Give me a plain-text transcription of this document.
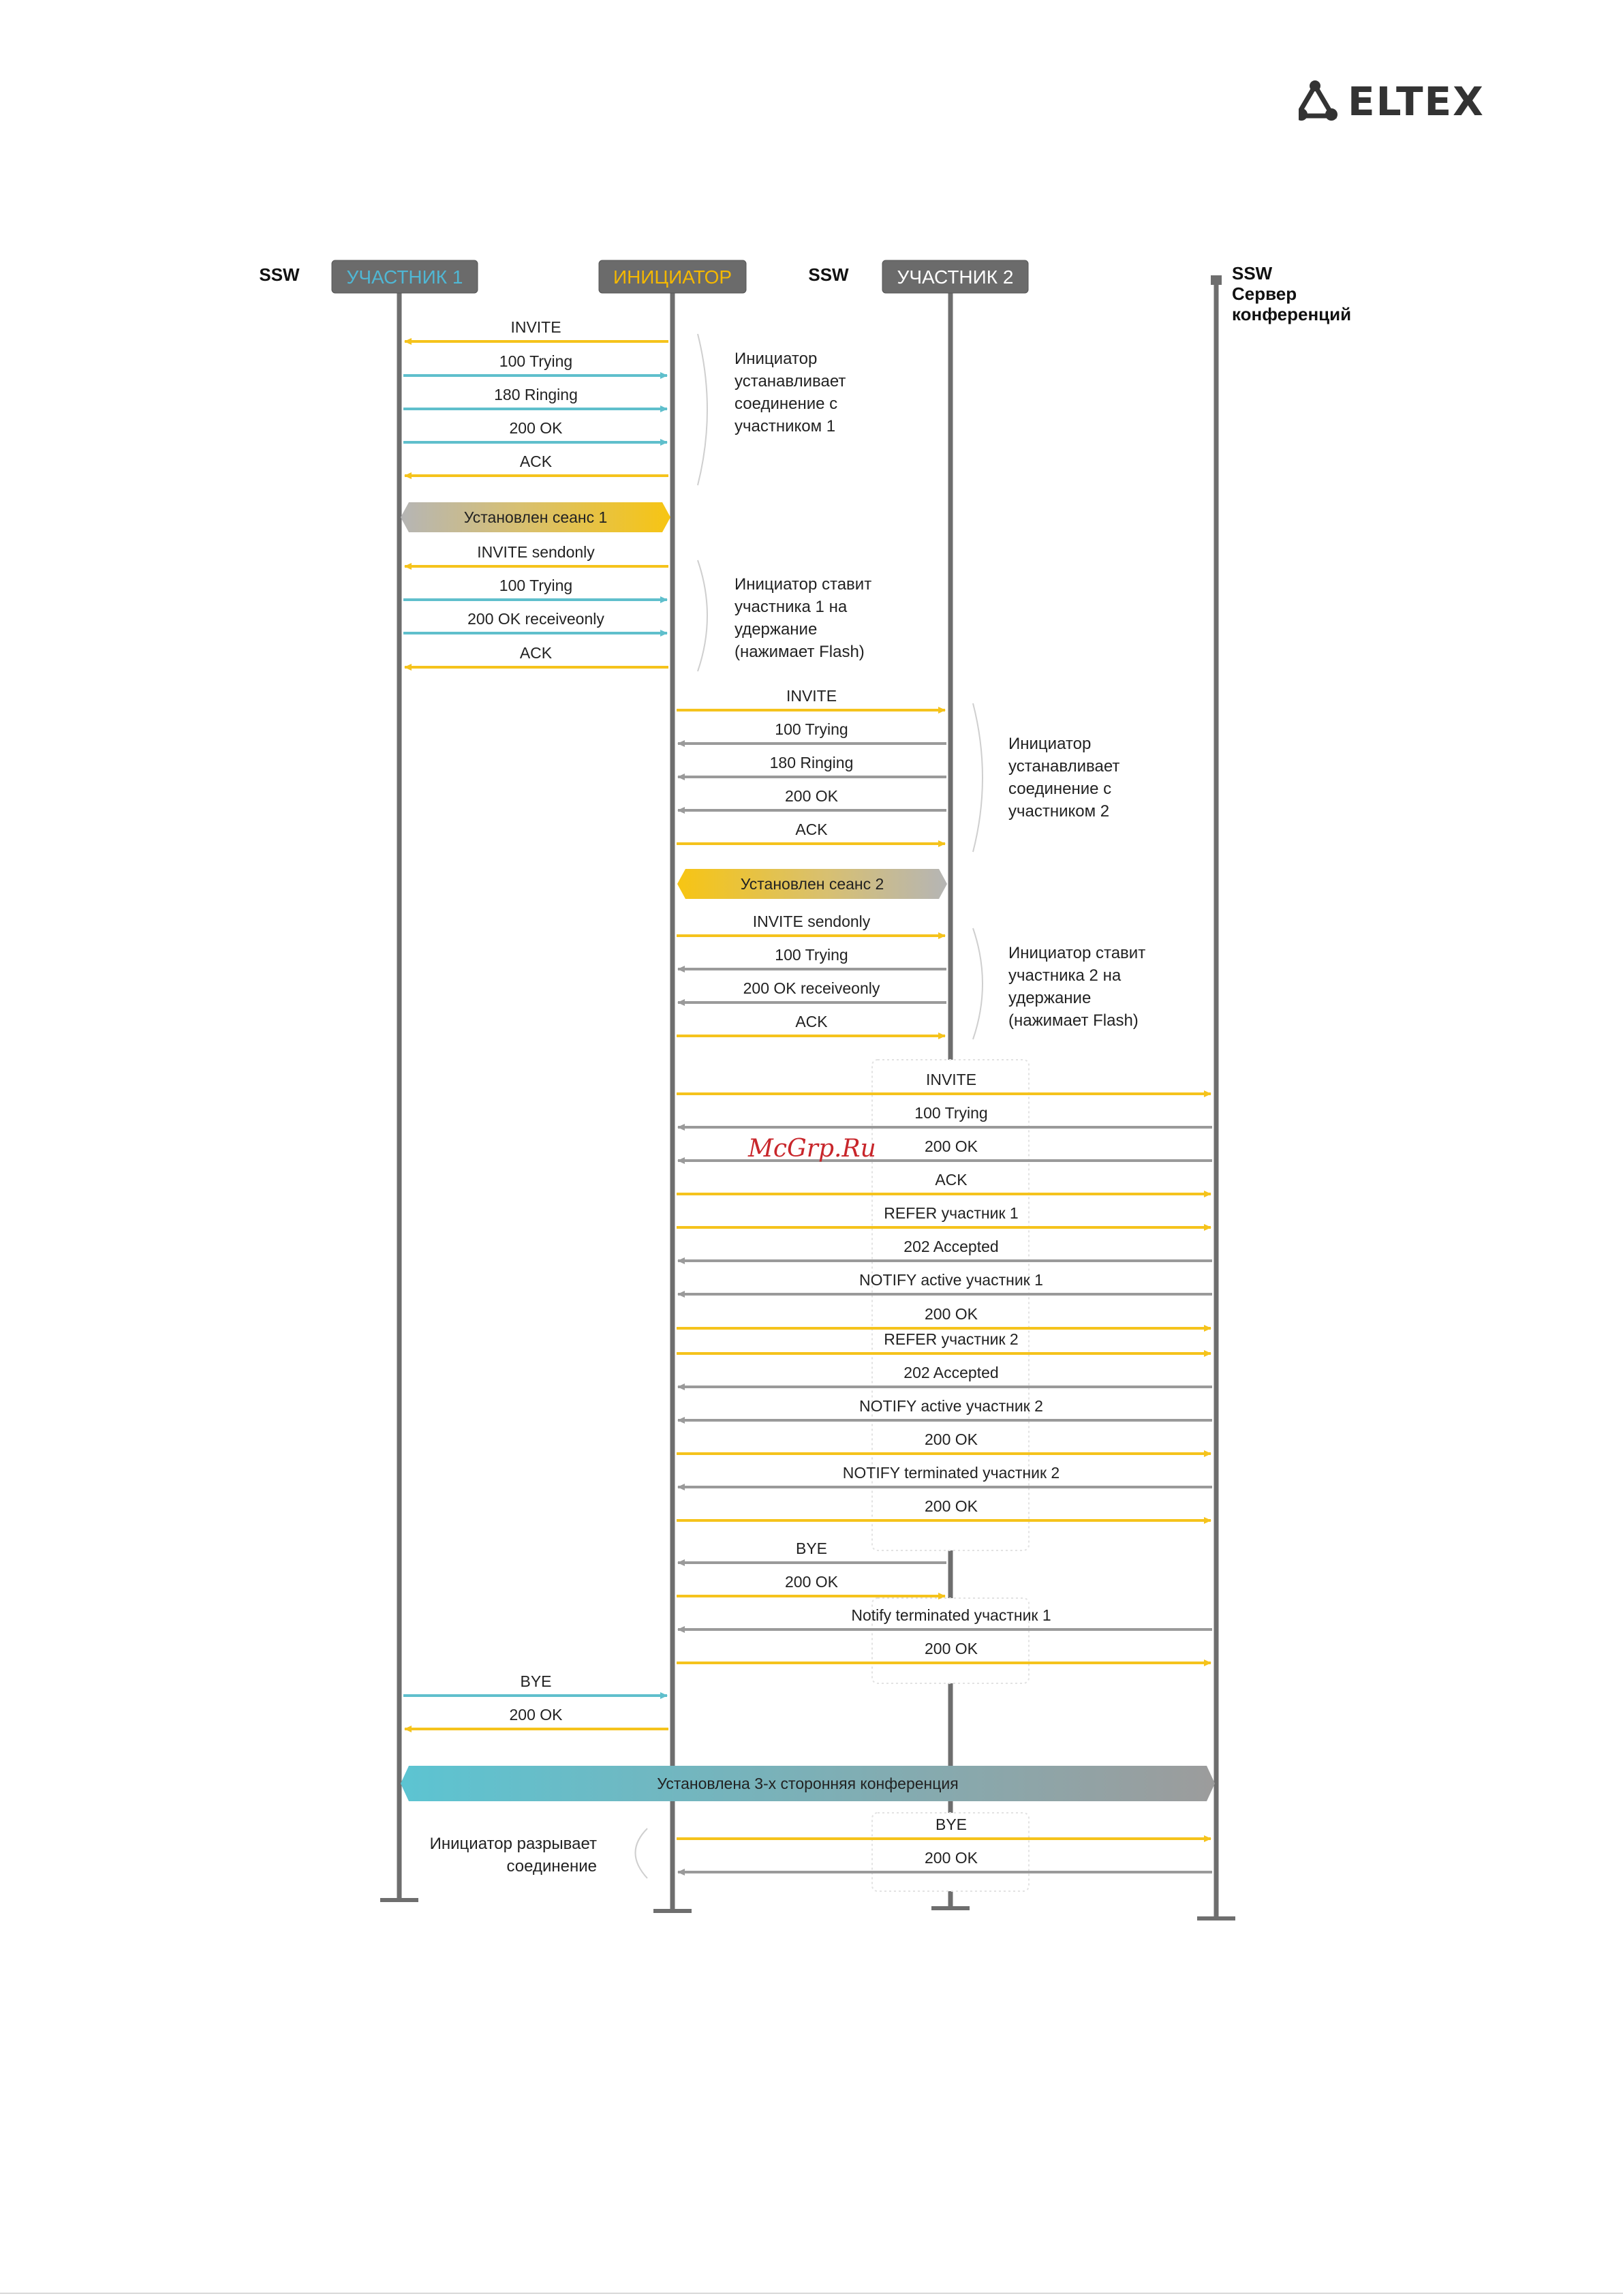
УЧАСТНИК 1	ИНИЦИАТОР	УЧАСТНИК 2
SSW	SSW	SSW
Сервер
конференций
INVITE
100 Trying
180 Ringing
200 OK
ACK
INVITE sendonly
100 Trying
200 OK receiveonly
ACK
INVITE
100 Trying
180 Ringing
200 OK
ACK
INVITE sendonly
100 Trying
200 OK receiveonly
ACK
INVITE
100 Trying
200 OK
ACK
REFER участник 1
202 Accepted
NOTIFY active участник 1
200 OK
REFER участник 2
202 Accepted
NOTIFY active участник 2
200 OK
NOTIFY terminated участник 2
200 OK
BYE
200 OK
Notify terminated участник 1
200 OK
BYE
200 OK
BYE
200 OK
Установлен сеанс 1
Установлен сеанс 2
Установлена 3-х сторонняя конференция
Инициатор
устанавливает
соединение с
участником 1
Инициатор ставит
участника 1 на
удержание
(нажимает Flash)
Инициатор
устанавливает
соединение с
участником 2
Инициатор ставит
участника 2 на
удержание
(нажимает Flash)
Инициатор разрывает
соединение
McGrp.Ru
ELTEX
